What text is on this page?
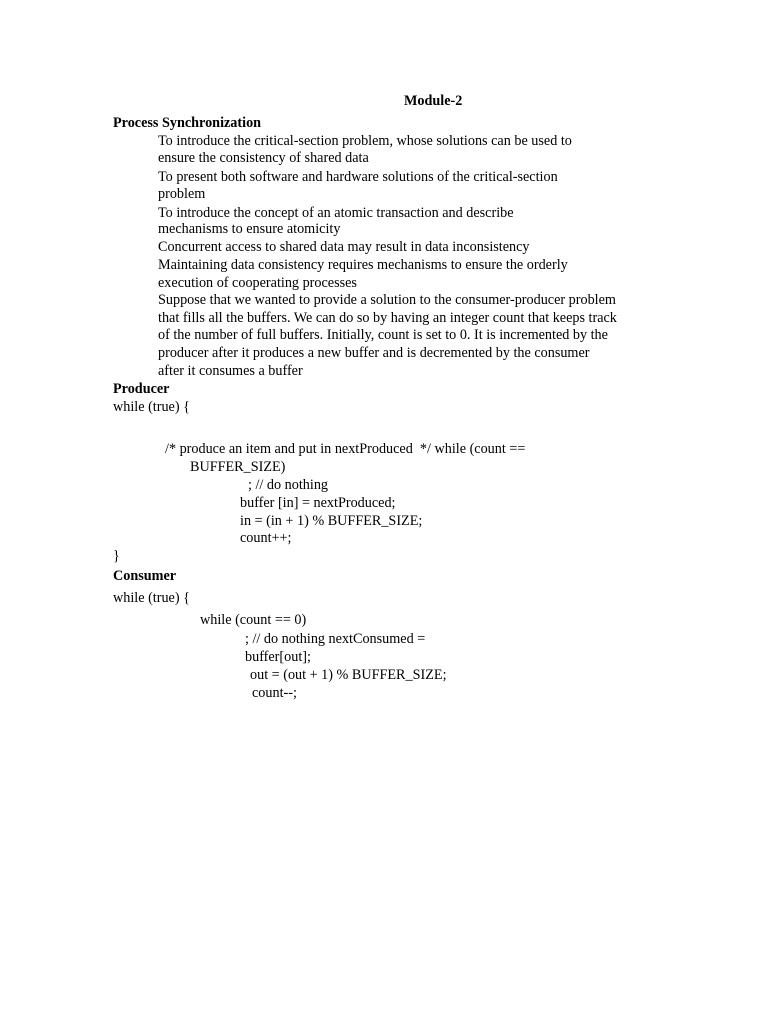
Module-2
Process Synchronization
To introduce the critical-section problem, whose solutions can be used to
ensure the consistency of shared data
To present both software and hardware solutions of the critical-section
problem
To introduce the concept of an atomic transaction and describe
mechanisms to ensure atomicity
Concurrent access to shared data may result in data inconsistency
Maintaining data consistency requires mechanisms to ensure the orderly
execution of cooperating processes
Suppose that we wanted to provide a solution to the consumer-producer problem
that fills all the buffers. We can do so by having an integer count that keeps track
of the number of full buffers. Initially, count is set to 0. It is incremented by the
producer after it produces a new buffer and is decremented by the consumer
after it consumes a buffer
Producer
while (true) {
/* produce an item and put in nextProduced  */ while (count ==
BUFFER_SIZE)
; // do nothing
buffer [in] = nextProduced;
in = (in + 1) % BUFFER_SIZE;
count++;
}
Consumer
while (true) {
while (count == 0)
; // do nothing nextConsumed =
buffer[out];
out = (out + 1) % BUFFER_SIZE;
count--;
